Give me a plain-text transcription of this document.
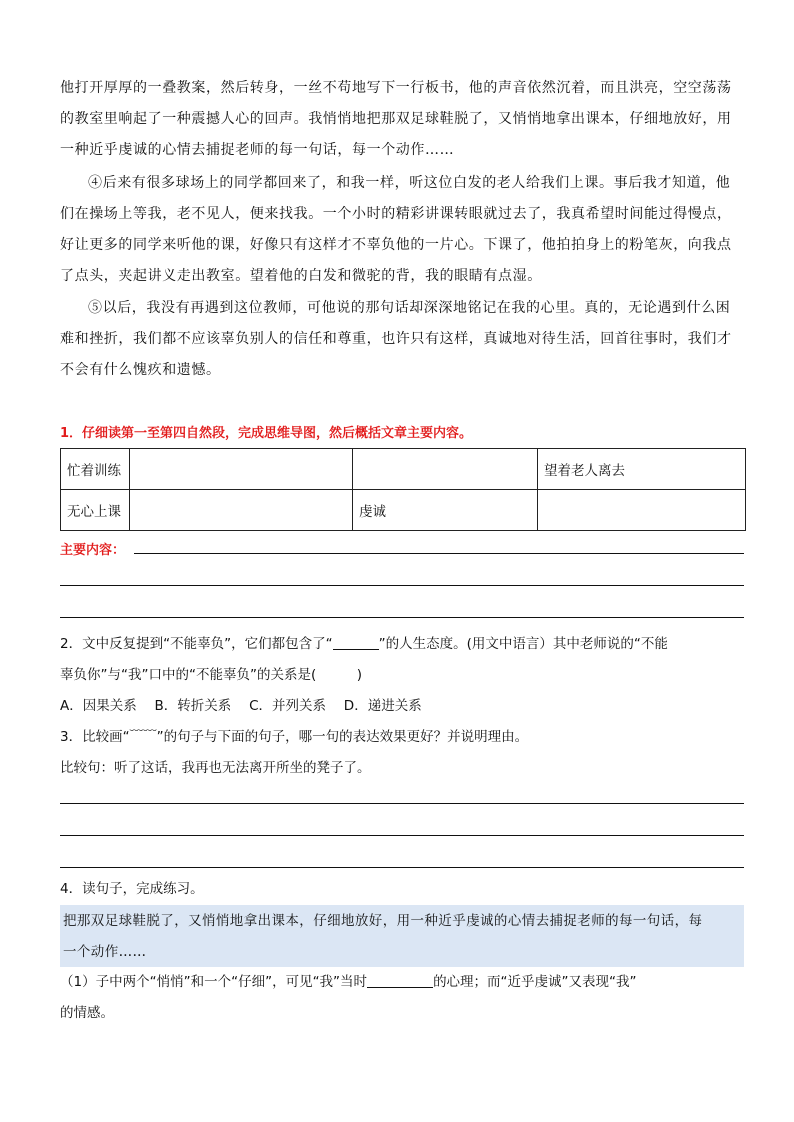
他打开厚厚的一叠教案，然后转身，一丝不苟地写下一行板书，他的声音依然沉着，而且洪亮，空空荡荡
的教室里响起了一种震撼人心的回声。我悄悄地把那双足球鞋脱了，又悄悄地拿出课本，仔细地放好，用
一种近乎虔诚的心情去捕捉老师的每一句话，每一个动作……
④后来有很多球场上的同学都回来了，和我一样，听这位白发的老人给我们上课。事后我才知道，他
们在操场上等我，老不见人，便来找我。一个小时的精彩讲课转眼就过去了，我真希望时间能过得慢点，
好让更多的同学来听他的课，好像只有这样才不辜负他的一片心。下课了，他拍拍身上的粉笔灰，向我点
了点头，夹起讲义走出教室。望着他的白发和微驼的背，我的眼睛有点湿。
⑤以后，我没有再遇到这位教师，可他说的那句话却深深地铭记在我的心里。真的，无论遇到什么困
难和挫折，我们都不应该辜负别人的信任和尊重，也许只有这样，真诚地对待生活，回首往事时，我们才
不会有什么愧疚和遗憾。
1．仔细读第一至第四自然段，完成思维导图，然后概括文章主要内容。
忙着训练			望着老人离去
无心上课		虔诚	
主要内容：
2．文中反复提到“不能辜负”，它们都包含了“	”的人生态度。(用文中语言）其中老师说的“不能
辜负你”与“我”口中的“不能辜负”的关系是(　　　)
A．因果关系　 B．转折关系　 C．并列关系　 D．递进关系
3．比较画“﹋﹋”的句子与下面的句子，哪一句的表达效果更好？并说明理由。
比较句：听了这话，我再也无法离开所坐的凳子了。
4．读句子，完成练习。
把那双足球鞋脱了，又悄悄地拿出课本，仔细地放好，用一种近乎虔诚的心情去捕捉老师的每一句话，每
一个动作……
（1）子中两个“悄悄”和一个“仔细”，可见“我”当时	的心理；而“近乎虔诚”又表现“我”
的情感。
